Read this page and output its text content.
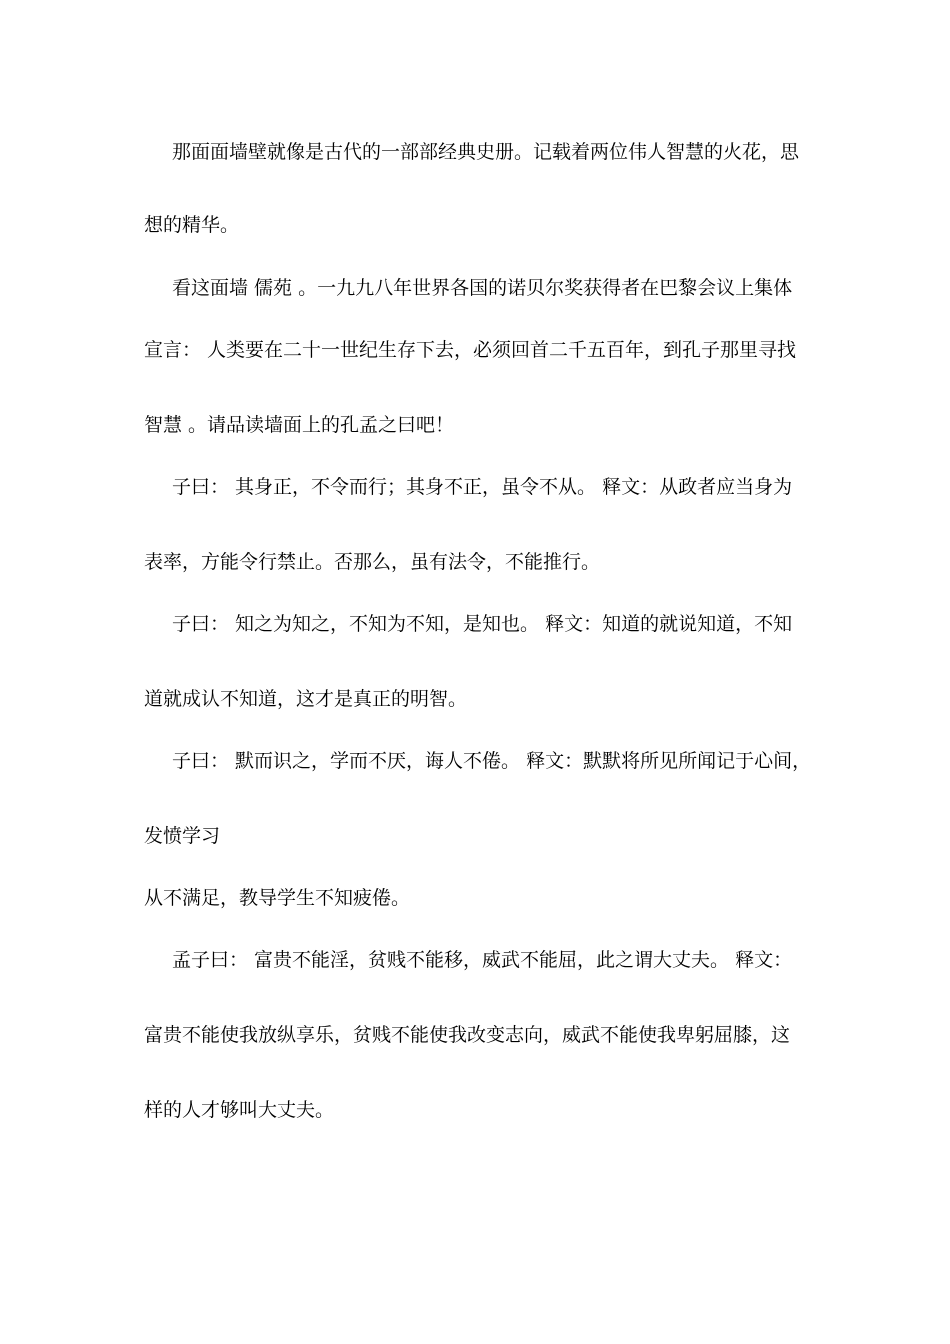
那面面墙壁就像是古代的一部部经典史册。记载着两位伟人智慧的火花，思
想的精华。
看这面墙 儒苑 。一九九八年世界各国的诺贝尔奖获得者在巴黎会议上集体
宣言： 人类要在二十一世纪生存下去，必须回首二千五百年，到孔子那里寻找
智慧 。请品读墙面上的孔孟之曰吧！
子曰： 其身正，不令而行；其身不正，虽令不从。 释文：从政者应当身为
表率，方能令行禁止。否那么，虽有法令，不能推行。
子曰： 知之为知之，不知为不知，是知也。 释文：知道的就说知道，不知
道就成认不知道，这才是真正的明智。
子曰： 默而识之，学而不厌，诲人不倦。 释文：默默将所见所闻记于心间，
发愤学习
从不满足，教导学生不知疲倦。
孟子曰： 富贵不能淫，贫贱不能移，威武不能屈，此之谓大丈夫。 释文：
富贵不能使我放纵享乐，贫贱不能使我改变志向，威武不能使我卑躬屈膝，这
样的人才够叫大丈夫。
